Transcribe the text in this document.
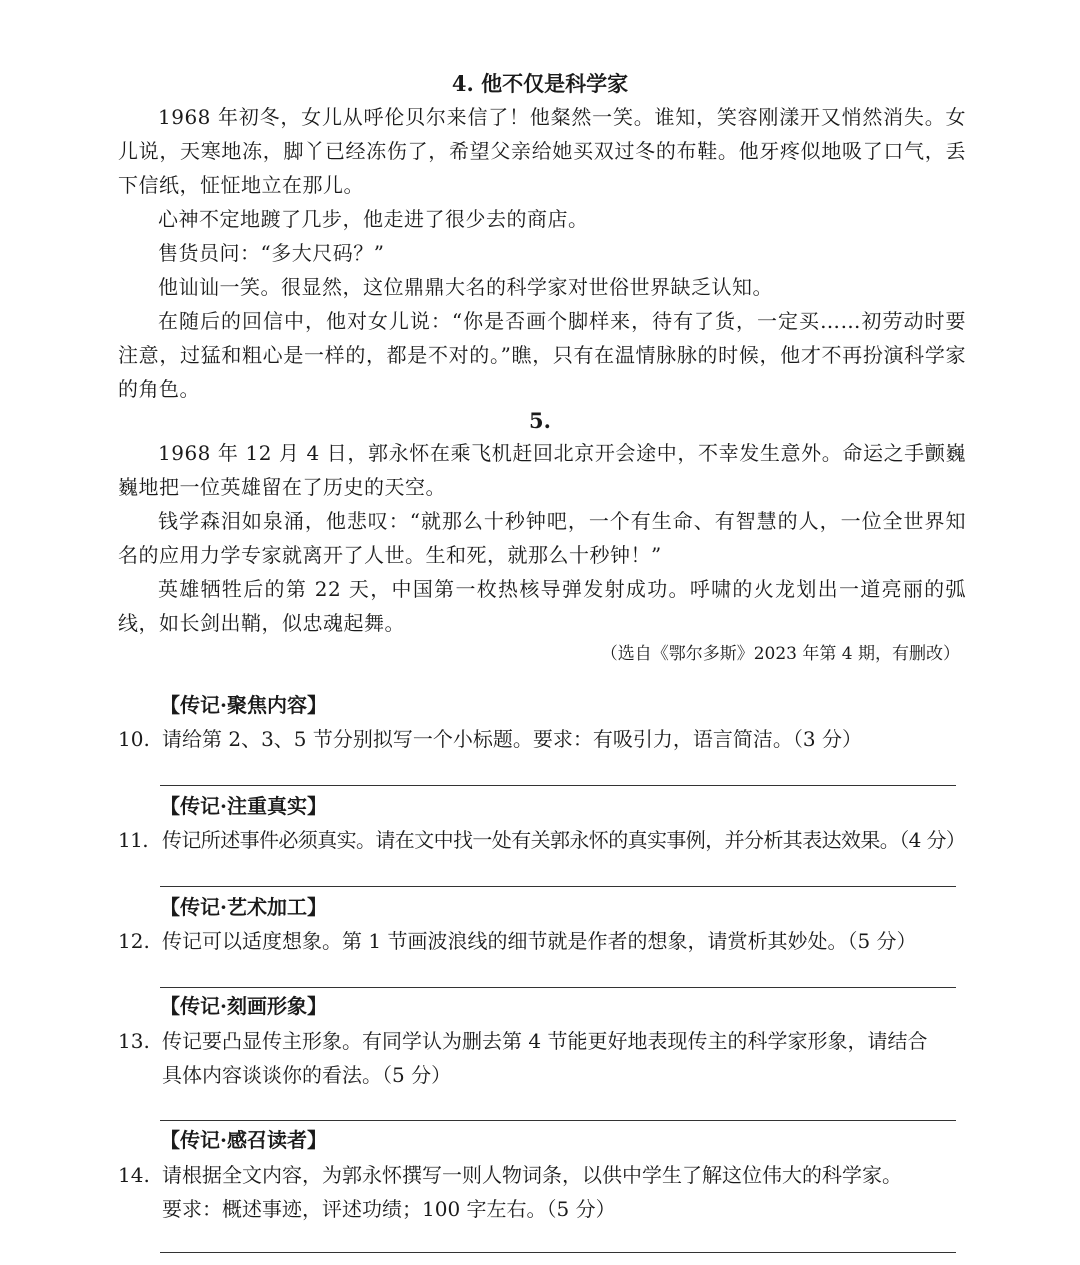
4. 他不仅是科学家
1968 年初冬，女儿从呼伦贝尔来信了！他粲然一笑。谁知，笑容刚漾开又悄然消失。女儿说，天寒地冻，脚丫已经冻伤了，希望父亲给她买双过冬的布鞋。他牙疼似地吸了口气，丢下信纸，怔怔地立在那儿。
心神不定地踱了几步，他走进了很少去的商店。
售货员问：“多大尺码？”
他讪讪一笑。很显然，这位鼎鼎大名的科学家对世俗世界缺乏认知。
在随后的回信中，他对女儿说：“你是否画个脚样来，待有了货，一定买……初劳动时要注意，过猛和粗心是一样的，都是不对的。”瞧，只有在温情脉脉的时候，他才不再扮演科学家的角色。
5.
1968 年 12 月 4 日，郭永怀在乘飞机赶回北京开会途中，不幸发生意外。命运之手颤巍巍地把一位英雄留在了历史的天空。
钱学森泪如泉涌，他悲叹：“就那么十秒钟吧，一个有生命、有智慧的人，一位全世界知名的应用力学专家就离开了人世。生和死，就那么十秒钟！”
英雄牺牲后的第 22 天，中国第一枚热核导弹发射成功。呼啸的火龙划出一道亮丽的弧线，如长剑出鞘，似忠魂起舞。
（选自《鄂尔多斯》2023 年第 4 期，有删改）
【传记·聚焦内容】
10. 请给第 2、3、5 节分别拟写一个小标题。要求：有吸引力，语言简洁。（3 分）
【传记·注重真实】
11. 传记所述事件必须真实。请在文中找一处有关郭永怀的真实事例，并分析其表达效果。（4 分）
【传记·艺术加工】
12. 传记可以适度想象。第 1 节画波浪线的细节就是作者的想象，请赏析其妙处。（5 分）
【传记·刻画形象】
13. 传记要凸显传主形象。有同学认为删去第 4 节能更好地表现传主的科学家形象，请结合
具体内容谈谈你的看法。（5 分）
【传记·感召读者】
14. 请根据全文内容，为郭永怀撰写一则人物词条，以供中学生了解这位伟大的科学家。
要求：概述事迹，评述功绩；100 字左右。（5 分）
